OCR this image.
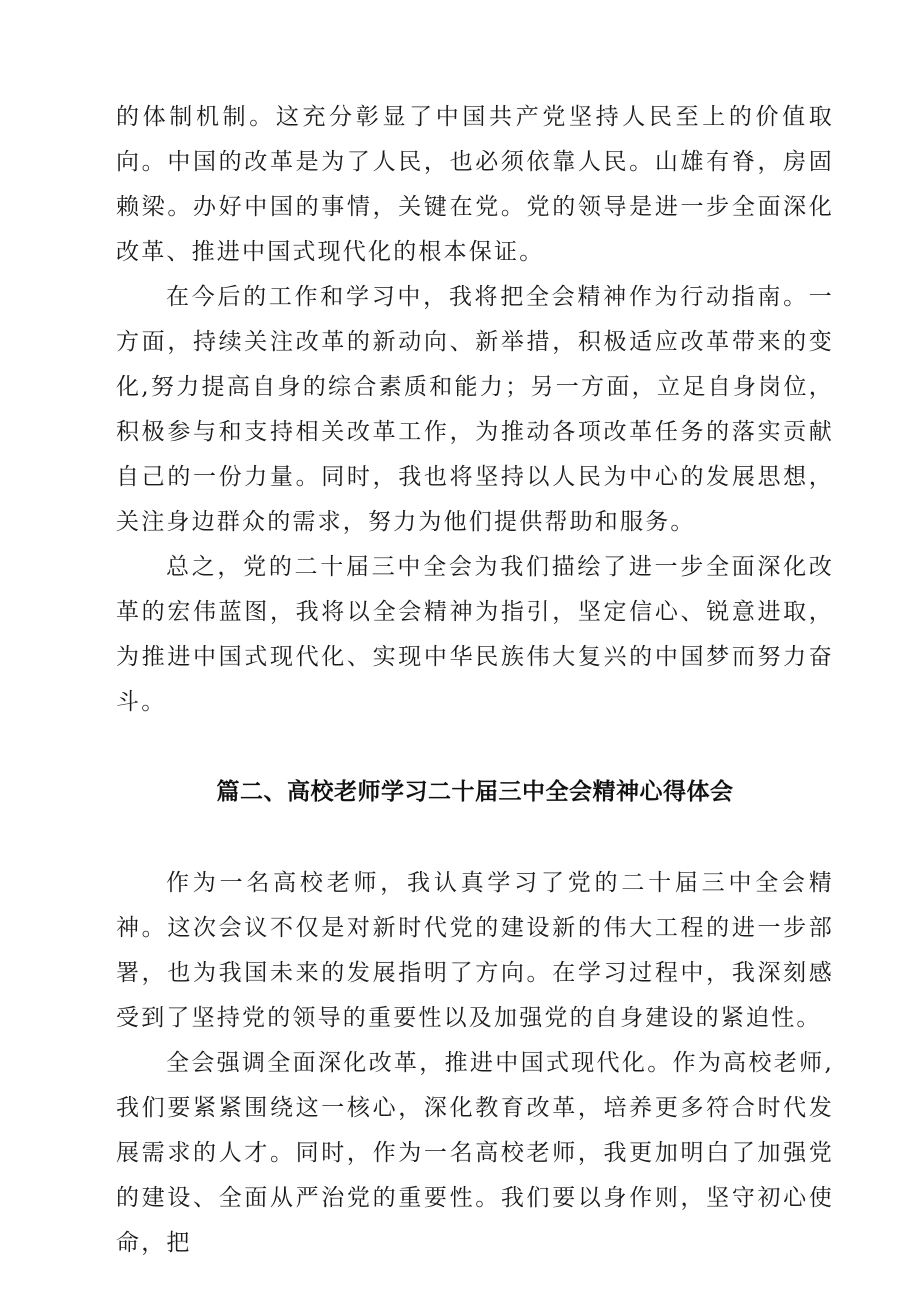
的体制机制。这充分彰显了中国共产党坚持人民至上的价值取向。中国的改革是为了人民，也必须依靠人民。山雄有脊，房固赖梁。办好中国的事情，关键在党。党的领导是进一步全面深化改革、推进中国式现代化的根本保证。

在今后的工作和学习中，我将把全会精神作为行动指南。一方面，持续关注改革的新动向、新举措，积极适应改革带来的变化,努力提高自身的综合素质和能力；另一方面，立足自身岗位，积极参与和支持相关改革工作，为推动各项改革任务的落实贡献自己的一份力量。同时，我也将坚持以人民为中心的发展思想，关注身边群众的需求，努力为他们提供帮助和服务。

总之，党的二十届三中全会为我们描绘了进一步全面深化改革的宏伟蓝图，我将以全会精神为指引，坚定信心、锐意进取，为推进中国式现代化、实现中华民族伟大复兴的中国梦而努力奋斗。

篇二、高校老师学习二十届三中全会精神心得体会

作为一名高校老师，我认真学习了党的二十届三中全会精神。这次会议不仅是对新时代党的建设新的伟大工程的进一步部署，也为我国未来的发展指明了方向。在学习过程中，我深刻感受到了坚持党的领导的重要性以及加强党的自身建设的紧迫性。

全会强调全面深化改革，推进中国式现代化。作为高校老师,我们要紧紧围绕这一核心，深化教育改革，培养更多符合时代发展需求的人才。同时，作为一名高校老师，我更加明白了加强党的建设、全面从严治党的重要性。我们要以身作则，坚守初心使命，把
